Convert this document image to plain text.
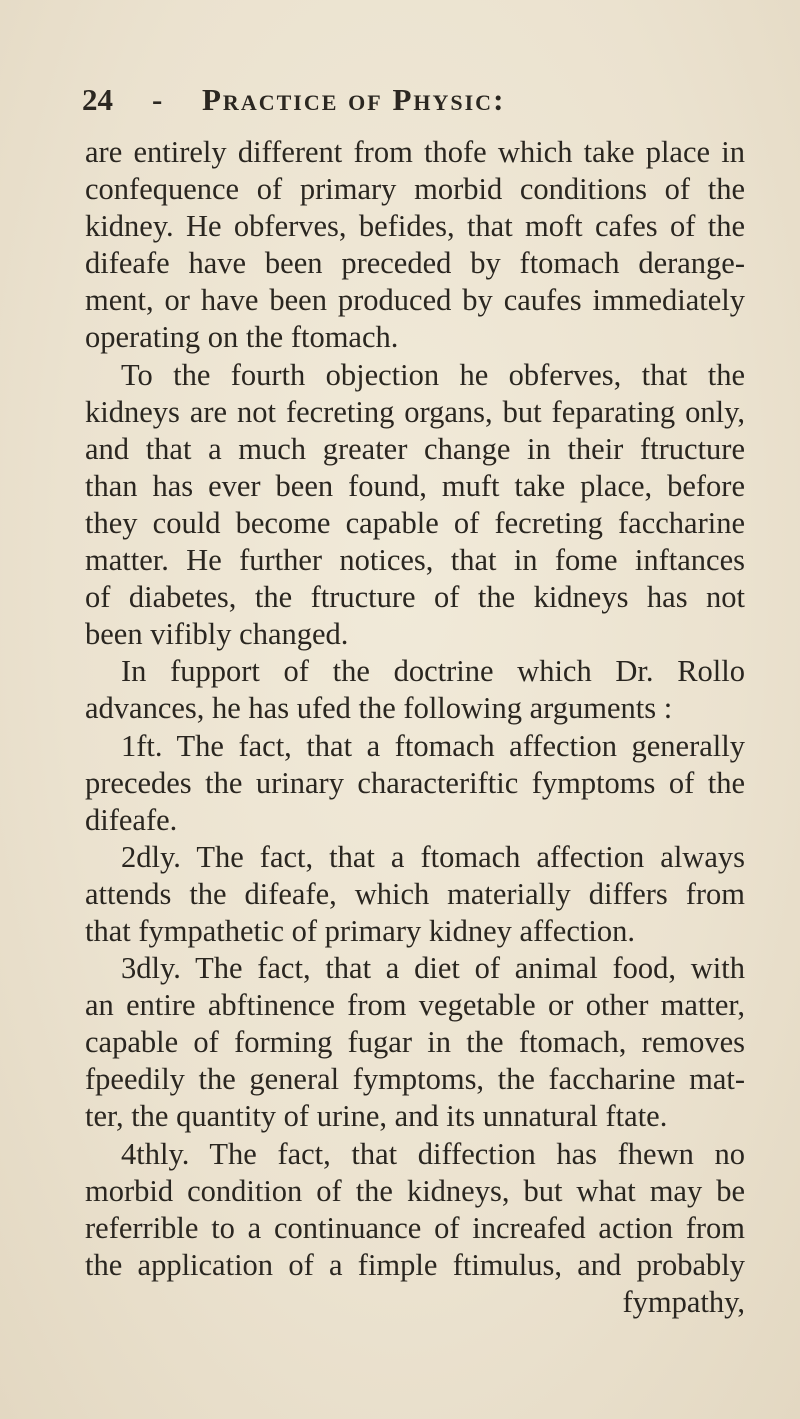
24 -	Practice of Physic:
are entirely different from thofe which take place in
confequence of primary morbid conditions of the
kidney. He obferves, befides, that moft cafes of the
difeafe have been preceded by ftomach derange-
ment, or have been produced by caufes immediately
operating on the ftomach.
To the fourth objection he obferves, that the
kidneys are not fecreting organs, but feparating only,
and that a much greater change in their ftructure
than has ever been found, muft take place, before
they could become capable of fecreting faccharine
matter. He further notices, that in fome inftances
of diabetes, the ftructure of the kidneys has not
been vifibly changed.
In fupport of the doctrine which Dr. Rollo
advances, he has ufed the following arguments :
1ft. The fact, that a ftomach affection generally
precedes the urinary characteriftic fymptoms of the
difeafe.
2dly. The fact, that a ftomach affection always
attends the difeafe, which materially differs from
that fympathetic of primary kidney affection.
3dly. The fact, that a diet of animal food, with
an entire abftinence from vegetable or other matter,
capable of forming fugar in the ftomach, removes
fpeedily the general fymptoms, the faccharine mat-
ter, the quantity of urine, and its unnatural ftate.
4thly. The fact, that diffection has fhewn no
morbid condition of the kidneys, but what may be
referrible to a continuance of increafed action from
the application of a fimple ftimulus, and probably
fympathy,
